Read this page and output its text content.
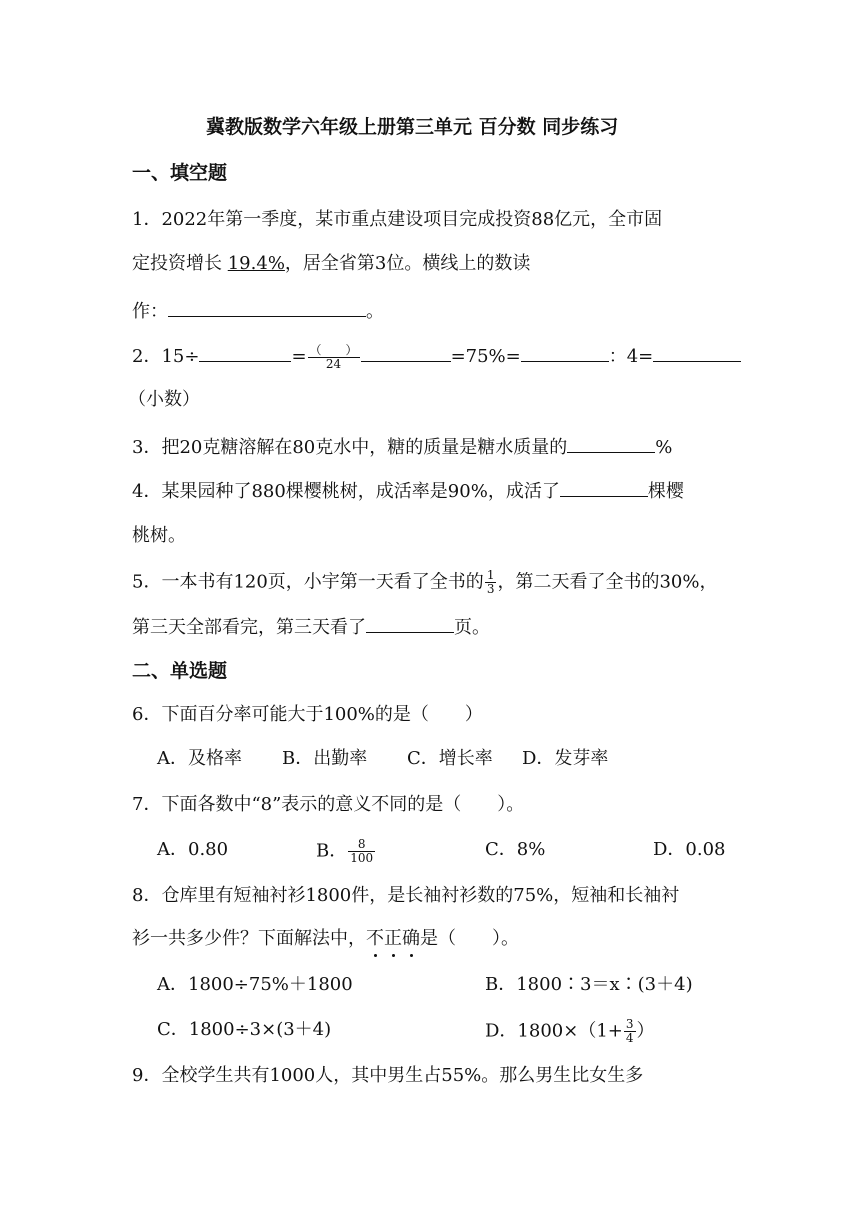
冀教版数学六年级上册第三单元 百分数 同步练习
一、填空题
1．2022年第一季度，某市重点建设项目完成投资88亿元，全市固
定投资增长 19.4%，居全省第3位。横线上的数读
作：	。
2．15÷	= $\frac{( )}{24}$	=75%=	：4=
（小数）
3．把20克糖溶解在80克水中，糖的质量是糖水质量的	%
4．某果园种了880棵樱桃树，成活率是90%，成活了	棵樱
桃树。
5．一本书有120页，小宇第一天看了全书的 $\frac{1}{3}$ ，第二天看了全书的30%，
第三天全部看完，第三天看了	页。
二、单选题
6．下面百分率可能大于100%的是（　　）
A．及格率 B．出勤率 C．增长率 D．发芽率
7．下面各数中“8”表示的意义不同的是（　　）。
A．0.80	B． $\frac{8}{100}$	C．8%	D．0.08
8．仓库里有短袖衬衫1800件，是长袖衬衫数的75%，短袖和长袖衬
衫一共多少件？下面解法中，不正确是（　　）。
A．1800÷75%＋1800	B．1800∶3＝x∶(3＋4)
C．1800÷3×(3＋4)	D．$1800\times(1+ \frac{3}{4}$ ）
9．全校学生共有1000人，其中男生占55%。那么男生比女生多
